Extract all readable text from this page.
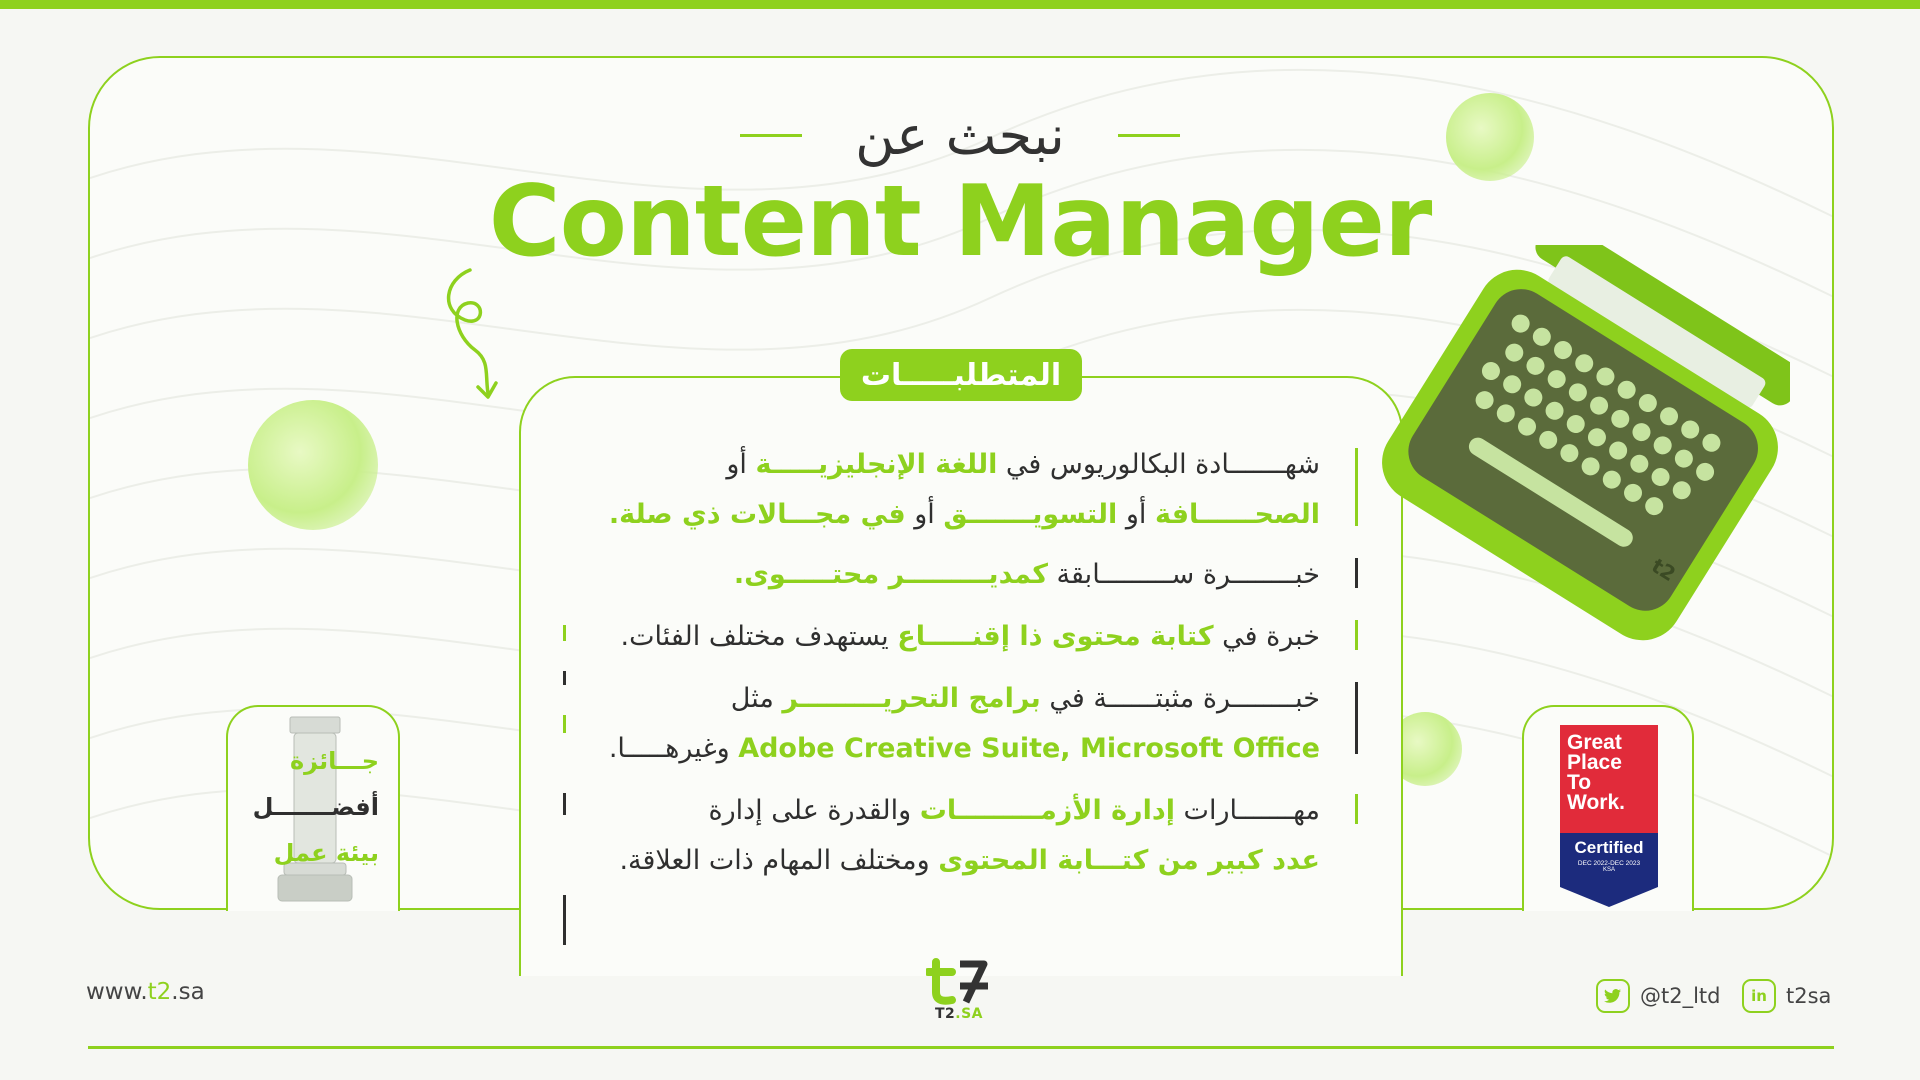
نبحث عن
Content Manager
المتطلبـــــات
شهـــــــادة البكالوريوس في اللغة الإنجليزيـــــة أو
الصحــــــافة أو التسويـــــــق أو في مجـــالات ذي صلة.
خبــــــــرة ســـــــــابقة كمديـــــــــر محتـــــوى.
خبرة في كتابة محتوى ذا إقنـــــاع يستهدف مختلف الفئات.
خبــــــــرة مثبتــــــة في برامج التحريـــــــــر مثل
Adobe Creative Suite, Microsoft Office وغيرهـــــا.
مهـــــــارات إدارة الأزمـــــــــات والقدرة على إدارة
عدد كبير من كتـــابة المحتوى ومختلف المهام ذات العلاقة.
جـــائزة
أفضـــــــل
بيئة عمل
Great
Place
To
Work.
Certified
DEC 2022-DEC 2023
KSA
t2
www.t2.sa
T2.SA
@t2_ltd	in t2sa
